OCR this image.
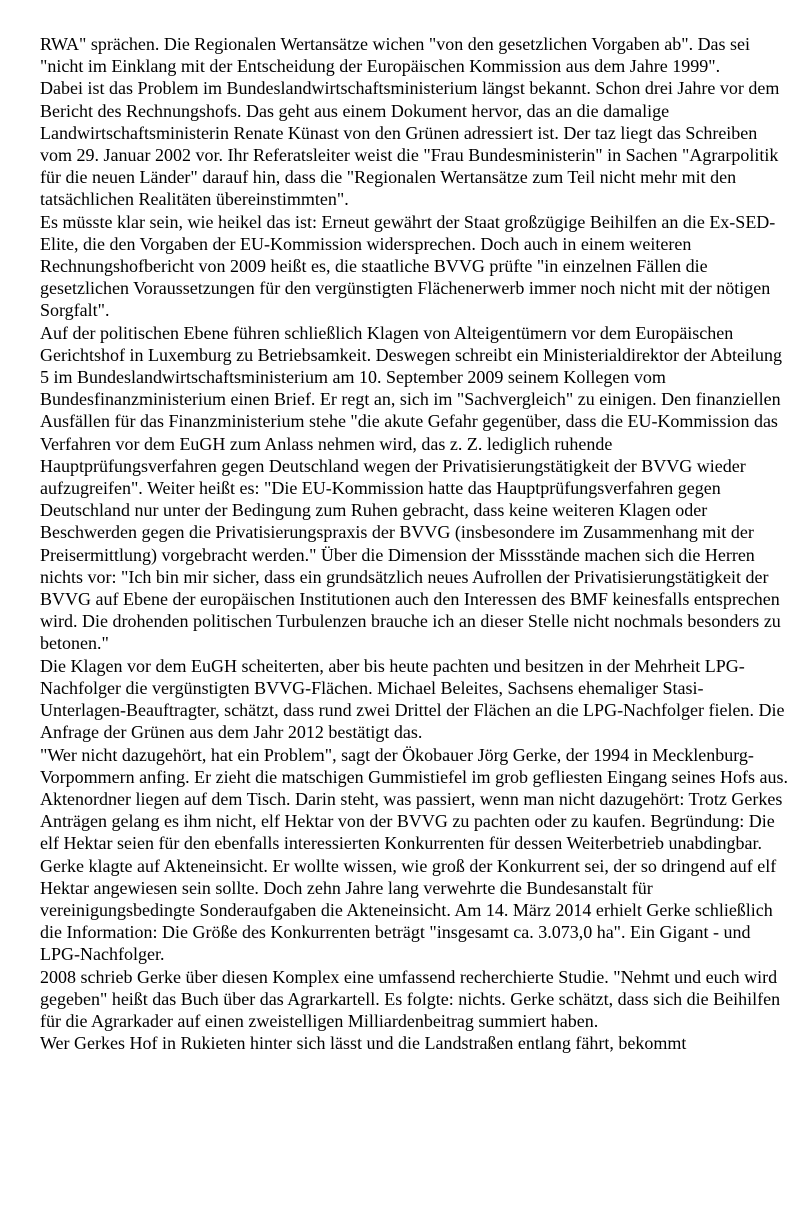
RWA" sprächen. Die Regionalen Wertansätze wichen "von den gesetzlichen Vorgaben ab". Das sei "nicht im Einklang mit der Entscheidung der Europäischen Kommission aus dem Jahre 1999".

Dabei ist das Problem im Bundeslandwirtschaftsministerium längst bekannt. Schon drei Jahre vor dem Bericht des Rechnungshofs. Das geht aus einem Dokument hervor, das an die damalige Landwirtschaftsministerin Renate Künast von den Grünen adressiert ist. Der taz liegt das Schreiben vom 29. Januar 2002 vor. Ihr Referatsleiter weist die "Frau Bundesministerin" in Sachen "Agrarpolitik für die neuen Länder" darauf hin, dass die "Regionalen Wertansätze zum Teil nicht mehr mit den tatsächlichen Realitäten übereinstimmten".

Es müsste klar sein, wie heikel das ist: Erneut gewährt der Staat großzügige Beihilfen an die Ex-SED-Elite, die den Vorgaben der EU-Kommission widersprechen. Doch auch in einem weiteren Rechnungshofbericht von 2009 heißt es, die staatliche BVVG prüfte "in einzelnen Fällen die gesetzlichen Voraussetzungen für den vergünstigten Flächenerwerb immer noch nicht mit der nötigen Sorgfalt".

Auf der politischen Ebene führen schließlich Klagen von Alteigentümern vor dem Europäischen Gerichtshof in Luxemburg zu Betriebsamkeit. Deswegen schreibt ein Ministerialdirektor der Abteilung 5 im Bundeslandwirtschaftsministerium am 10. September 2009 seinem Kollegen vom Bundesfinanzministerium einen Brief. Er regt an, sich im "Sachvergleich" zu einigen. Den finanziellen Ausfällen für das Finanzministerium stehe "die akute Gefahr gegenüber, dass die EU-Kommission das Verfahren vor dem EuGH zum Anlass nehmen wird, das z. Z. lediglich ruhende Hauptprüfungsverfahren gegen Deutschland wegen der Privatisierungstätigkeit der BVVG wieder aufzugreifen". Weiter heißt es: "Die EU-Kommission hatte das Hauptprüfungsverfahren gegen Deutschland nur unter der Bedingung zum Ruhen gebracht, dass keine weiteren Klagen oder Beschwerden gegen die Privatisierungspraxis der BVVG (insbesondere im Zusammenhang mit der Preisermittlung) vorgebracht werden." Über die Dimension der Missstände machen sich die Herren nichts vor: "Ich bin mir sicher, dass ein grundsätzlich neues Aufrollen der Privatisierungstätigkeit der BVVG auf Ebene der europäischen Institutionen auch den Interessen des BMF keinesfalls entsprechen wird. Die drohenden politischen Turbulenzen brauche ich an dieser Stelle nicht nochmals besonders zu betonen."

Die Klagen vor dem EuGH scheiterten, aber bis heute pachten und besitzen in der Mehrheit LPG-Nachfolger die vergünstigten BVVG-Flächen. Michael Beleites, Sachsens ehemaliger Stasi-Unterlagen-Beauftragter, schätzt, dass rund zwei Drittel der Flächen an die LPG-Nachfolger fielen. Die Anfrage der Grünen aus dem Jahr 2012 bestätigt das.

"Wer nicht dazugehört, hat ein Problem", sagt der Ökobauer Jörg Gerke, der 1994 in Mecklenburg-Vorpommern anfing. Er zieht die matschigen Gummistiefel im grob gefliesten Eingang seines Hofs aus.

Aktenordner liegen auf dem Tisch. Darin steht, was passiert, wenn man nicht dazugehört: Trotz Gerkes Anträgen gelang es ihm nicht, elf Hektar von der BVVG zu pachten oder zu kaufen. Begründung: Die elf Hektar seien für den ebenfalls interessierten Konkurrenten für dessen Weiterbetrieb unabdingbar. Gerke klagte auf Akteneinsicht. Er wollte wissen, wie groß der Konkurrent sei, der so dringend auf elf Hektar angewiesen sein sollte. Doch zehn Jahre lang verwehrte die Bundesanstalt für vereinigungsbedingte Sonderaufgaben die Akteneinsicht. Am 14. März 2014 erhielt Gerke schließlich die Information: Die Größe des Konkurrenten beträgt "insgesamt ca. 3.073,0 ha". Ein Gigant - und LPG-Nachfolger.

2008 schrieb Gerke über diesen Komplex eine umfassend recherchierte Studie. "Nehmt und euch wird gegeben" heißt das Buch über das Agrarkartell. Es folgte: nichts. Gerke schätzt, dass sich die Beihilfen für die Agrarkader auf einen zweistelligen Milliardenbeitrag summiert haben.

Wer Gerkes Hof in Rukieten hinter sich lässt und die Landstraßen entlang fährt, bekommt
